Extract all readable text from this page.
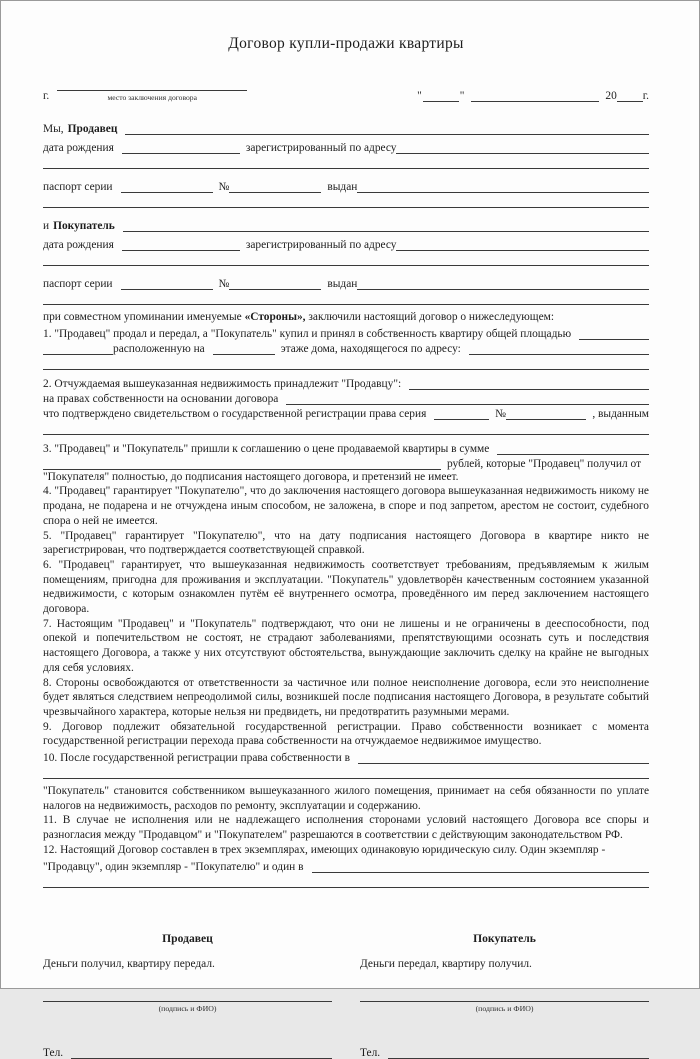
Договор купли-продажи квартиры

г.	место заключения договора	"	"	20 г.
Мы, Продавец
дата рождения	зарегистрированный по адресу
паспорт серии	№	выдан
и Покупатель
дата рождения	зарегистрированный по адресу
паспорт серии	№	выдан

при совместном упоминании именуемые «Стороны», заключили настоящий договор о нижеследующем:

1. "Продавец" продал и передал, а "Покупатель" купил и принял в собственность квартиру общей площадью
расположенную на	этаже дома, находящегося по адресу:
2. Отчуждаемая вышеуказанная недвижимость принадлежит "Продавцу":
на правах собственности на основании договора
что подтверждено свидетельством о государственной регистрации права серия	№	, выданным
3. "Продавец" и "Покупатель" пришли к соглашению о цене продаваемой квартиры в сумме
рублей, которые "Продавец" получил от

"Покупателя" полностью, до подписания настоящего договора, и претензий не имеет.

4. "Продавец" гарантирует "Покупателю", что до заключения настоящего договора вышеуказанная недвижимость никому не продана, не подарена и не отчуждена иным способом, не заложена, в споре и под запретом, арестом не состоит, судебного спора о ней не имеется.

5. "Продавец" гарантирует "Покупателю", что на дату подписания настоящего Договора в квартире никто не зарегистрирован, что подтверждается соответствующей справкой.

6. "Продавец" гарантирует, что вышеуказанная недвижимость соответствует требованиям, предъявляемым к жилым помещениям, пригодна для проживания и эксплуатации. "Покупатель" удовлетворён качественным состоянием указанной недвижимости, с которым ознакомлен путём её внутреннего осмотра, проведённого им перед заключением настоящего договора.

7. Настоящим "Продавец" и "Покупатель" подтверждают, что они не лишены и не ограничены в дееспособности, под опекой и попечительством не состоят, не страдают заболеваниями, препятствующими осознать суть и последствия настоящего Договора, а также у них отсутствуют обстоятельства, вынуждающие заключить сделку на крайне не выгодных для себя условиях.

8. Стороны освобождаются от ответственности за частичное или полное неисполнение договора, если это неисполнение будет являться следствием непреодолимой силы, возникшей после подписания настоящего Договора, в результате событий чрезвычайного характера, которые нельзя ни предвидеть, ни предотвратить разумными мерами.

9. Договор подлежит обязательной государственной регистрации. Право собственности возникает с момента государственной регистрации перехода права собственности на отчуждаемое недвижимое имущество.

10. После государственной регистрации права собственности в

"Покупатель" становится собственником вышеуказанного жилого помещения, принимает на себя обязанности по уплате налогов на недвижимость, расходов по ремонту, эксплуатации и содержанию.

11. В случае не исполнения или не надлежащего исполнения сторонами условий настоящего Договора все споры и разногласия между "Продавцом" и "Покупателем" разрешаются в соответствии с действующим законодательством РФ.

12. Настоящий Договор составлен в трех экземплярах, имеющих одинаковую юридическую силу. Один экземпляр -

"Продавцу", один экземпляр - "Покупателю" и один в

Продавец

Деньги получил, квартиру передал.

(подпись и ФИО)
Тел.

Покупатель

Деньги передал, квартиру получил.

(подпись и ФИО)
Тел.
